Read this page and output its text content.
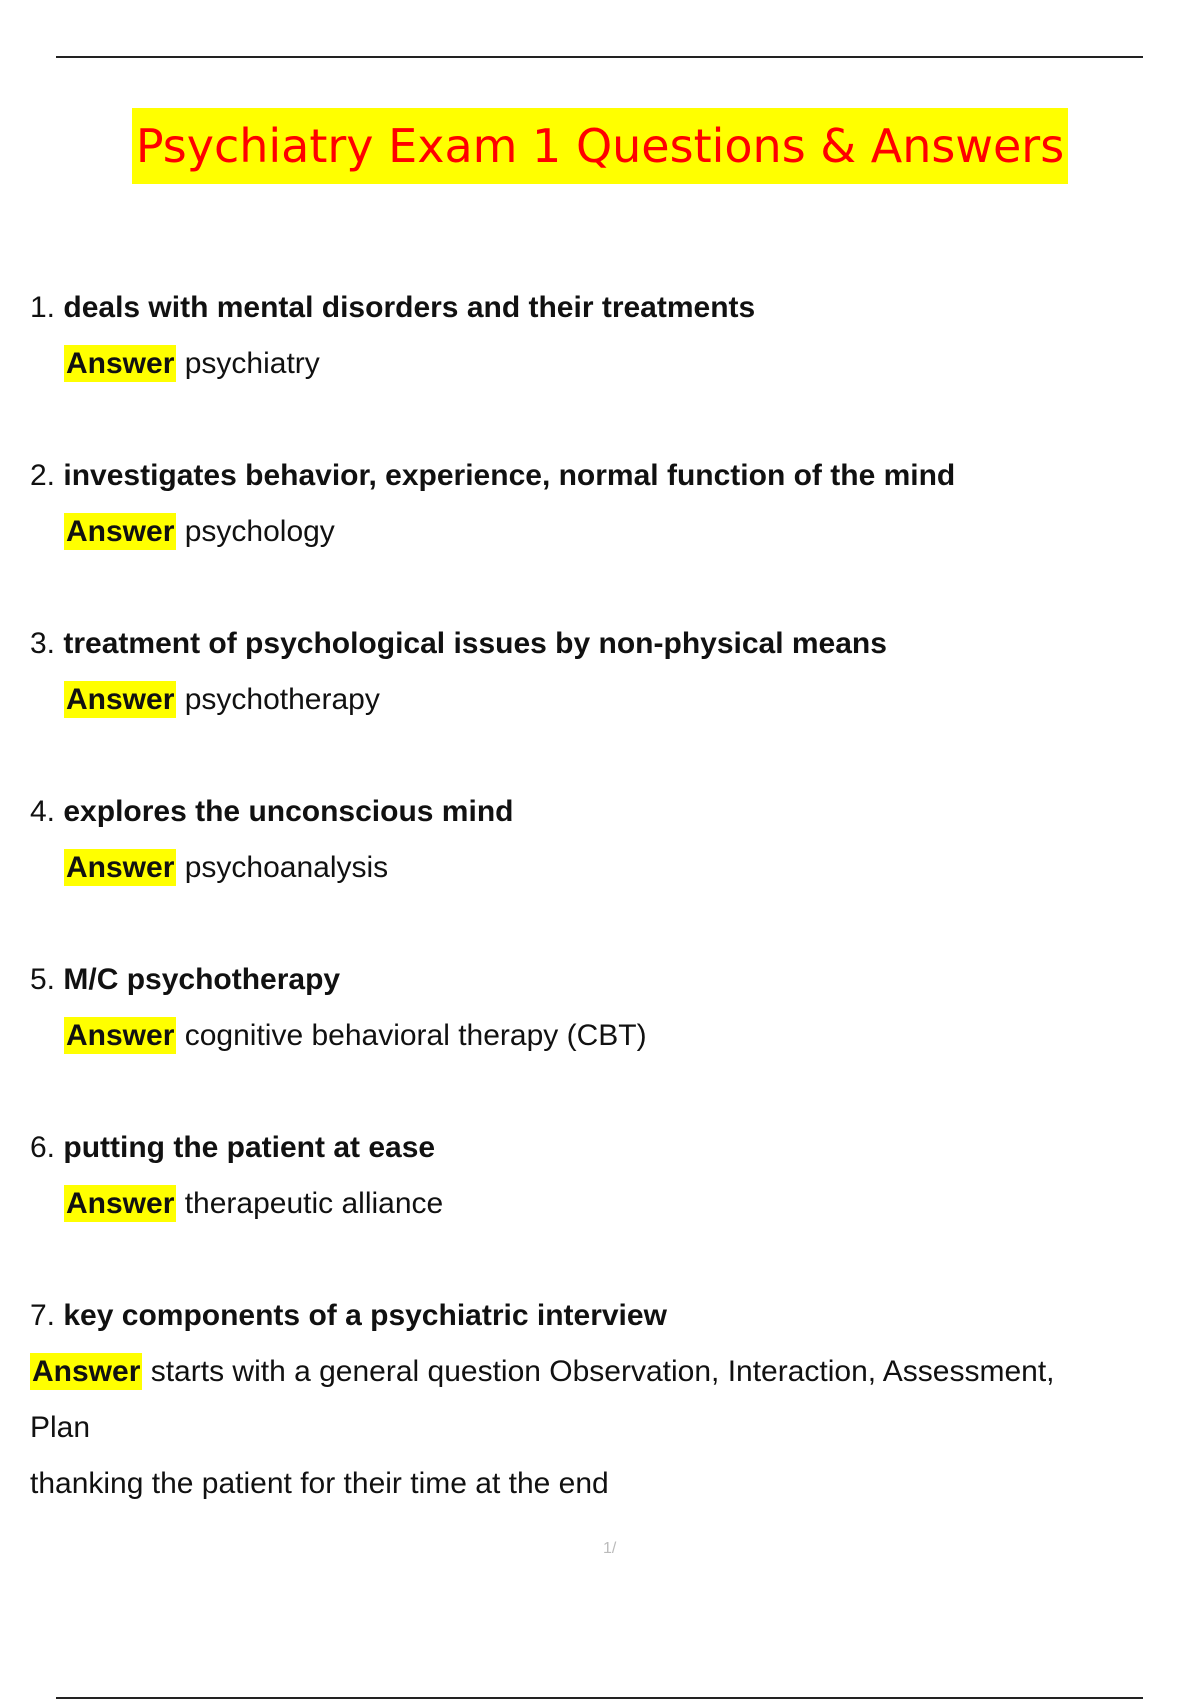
Psychiatry Exam 1 Questions & Answers
1. deals with mental disorders and their treatments
Answer psychiatry
2. investigates behavior, experience, normal function of the mind
Answer psychology
3. treatment of psychological issues by non-physical means
Answer psychotherapy
4. explores the unconscious mind
Answer psychoanalysis
5. M/C psychotherapy
Answer cognitive behavioral therapy (CBT)
6. putting the patient at ease
Answer therapeutic alliance
7. key components of a psychiatric interview
Answer starts with a general question Observation, Interaction, Assessment,
Plan
thanking the patient for their time at the end
1/
